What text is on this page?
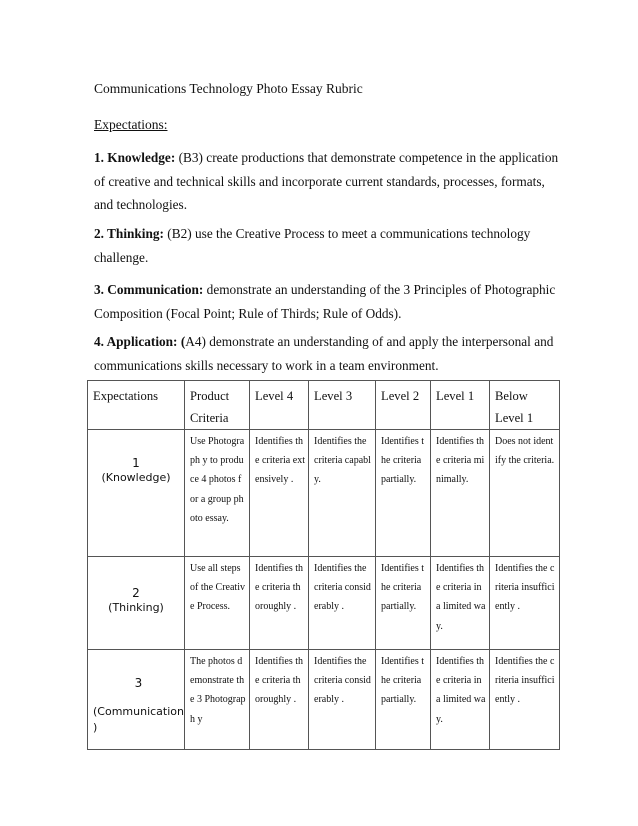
Communications Technology Photo Essay Rubric
Expectations:
1. Knowledge: (B3) create productions that demonstrate competence in the application of creative and technical skills and incorporate current standards, processes, formats, and technologies.
2. Thinking: (B2) use the Creative Process to meet a communications technology challenge.
3. Communication: demonstrate an understanding of the 3 Principles of Photographic Composition (Focal Point; Rule of Thirds; Rule of Odds).
4. Application: (A4) demonstrate an understanding of and apply the interpersonal and communications skills necessary to work in a team environment.
Expectations	Product Criteria	Level 4	Level 3	Level 2	Level 1	Below Level 1

1
(Knowledge)	Use Photograph y to produce 4 photos for a group photo essay.	Identifies the criteria extensively .	Identifies the criteria capably.	Identifies the criteria partially.	Identifies the criteria minimally.	Does not identify the criteria.

2
(Thinking)	Use all steps of the Creative Process.	Identifies the criteria thoroughly .	Identifies the criteria considerably .	Identifies the criteria partially.	Identifies the criteria in a limited way.	Identifies the criteria insufficiently .

3
(Communication )	The photos demonstrate the 3 Photograph y	Identifies the criteria thoroughly .	Identifies the criteria considerably .	Identifies the criteria partially.	Identifies the criteria in a limited way.	Identifies the criteria insufficiently .
